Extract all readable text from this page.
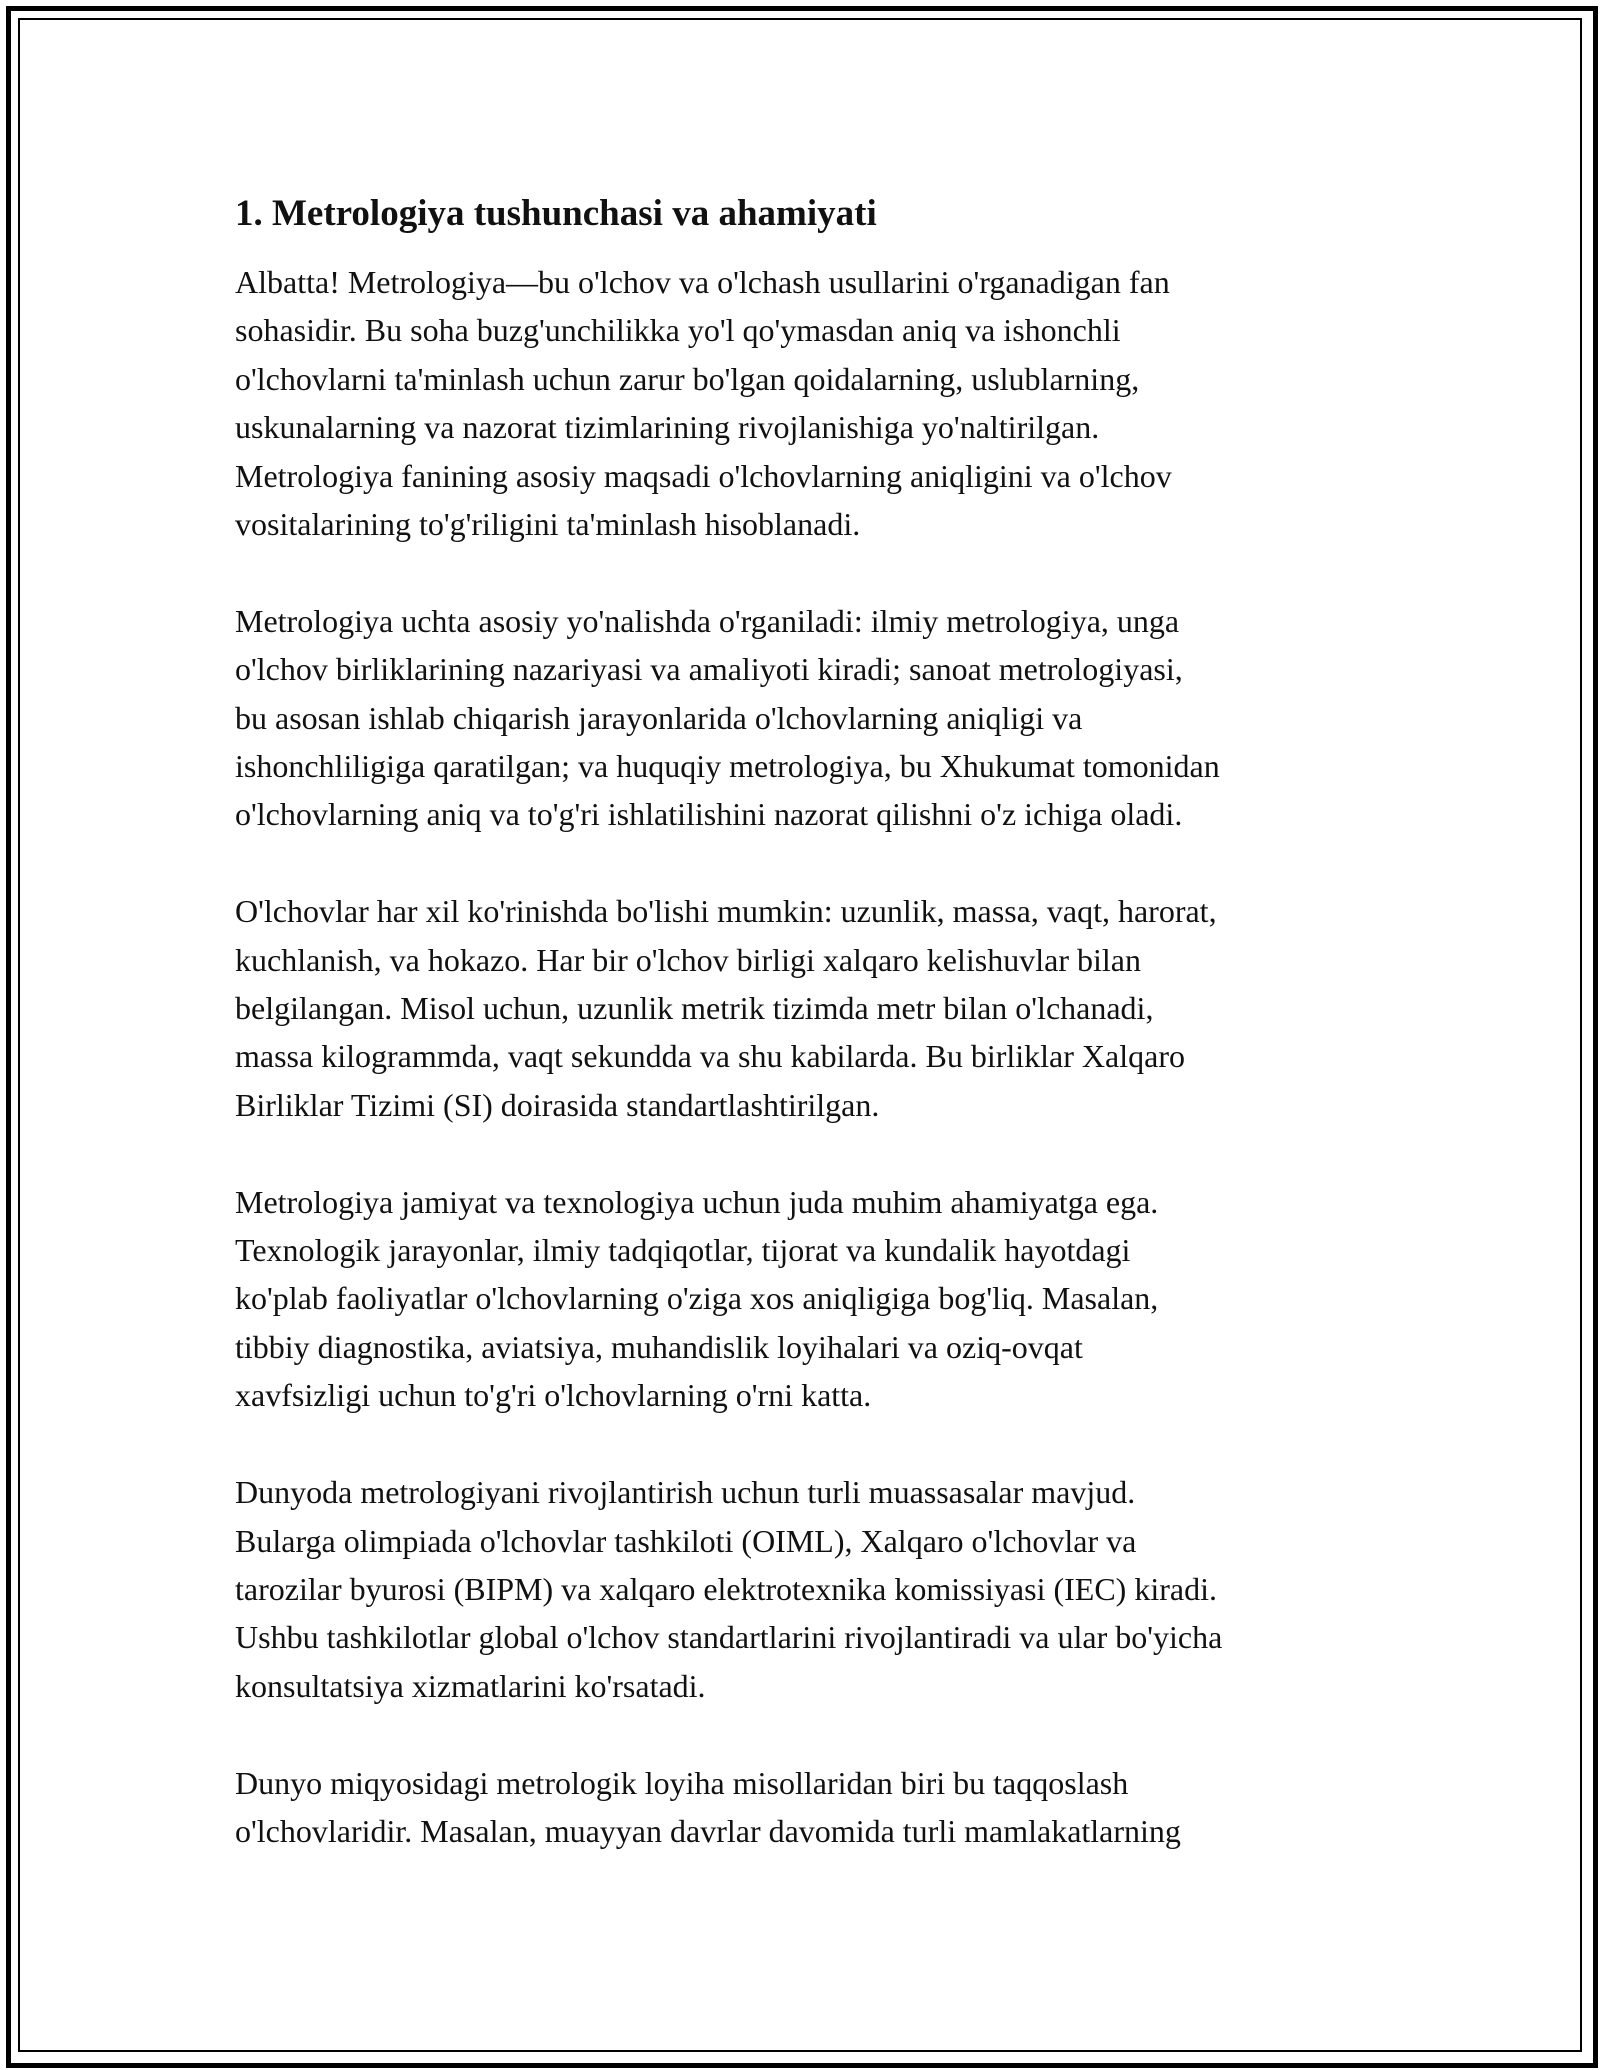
1. Metrologiya tushunchasi va ahamiyati

Albatta! Metrologiya—bu o'lchov va o'lchash usullarini o'rganadigan fan
sohasidir. Bu soha buzg'unchilikka yo'l qo'ymasdan aniq va ishonchli
o'lchovlarni ta'minlash uchun zarur bo'lgan qoidalarning, uslublarning,
uskunalarning va nazorat tizimlarining rivojlanishiga yo'naltirilgan.
Metrologiya fanining asosiy maqsadi o'lchovlarning aniqligini va o'lchov
vositalarining to'g'riligini ta'minlash hisoblanadi.

Metrologiya uchta asosiy yo'nalishda o'rganiladi: ilmiy metrologiya, unga
o'lchov birliklarining nazariyasi va amaliyoti kiradi; sanoat metrologiyasi,
bu asosan ishlab chiqarish jarayonlarida o'lchovlarning aniqligi va
ishonchliligiga qaratilgan; va huquqiy metrologiya, bu Xhukumat tomonidan
o'lchovlarning aniq va to'g'ri ishlatilishini nazorat qilishni o'z ichiga oladi.

O'lchovlar har xil ko'rinishda bo'lishi mumkin: uzunlik, massa, vaqt, harorat,
kuchlanish, va hokazo. Har bir o'lchov birligi xalqaro kelishuvlar bilan
belgilangan. Misol uchun, uzunlik metrik tizimda metr bilan o'lchanadi,
massa kilogrammda, vaqt sekundda va shu kabilarda. Bu birliklar Xalqaro
Birliklar Tizimi (SI) doirasida standartlashtirilgan.

Metrologiya jamiyat va texnologiya uchun juda muhim ahamiyatga ega.
Texnologik jarayonlar, ilmiy tadqiqotlar, tijorat va kundalik hayotdagi
ko'plab faoliyatlar o'lchovlarning o'ziga xos aniqligiga bog'liq. Masalan,
tibbiy diagnostika, aviatsiya, muhandislik loyihalari va oziq-ovqat
xavfsizligi uchun to'g'ri o'lchovlarning o'rni katta.

Dunyoda metrologiyani rivojlantirish uchun turli muassasalar mavjud.
Bularga olimpiada o'lchovlar tashkiloti (OIML), Xalqaro o'lchovlar va
tarozilar byurosi (BIPM) va xalqaro elektrotexnika komissiyasi (IEC) kiradi.
Ushbu tashkilotlar global o'lchov standartlarini rivojlantiradi va ular bo'yicha
konsultatsiya xizmatlarini ko'rsatadi.

Dunyo miqyosidagi metrologik loyiha misollaridan biri bu taqqoslash
o'lchovlaridir. Masalan, muayyan davrlar davomida turli mamlakatlarning
